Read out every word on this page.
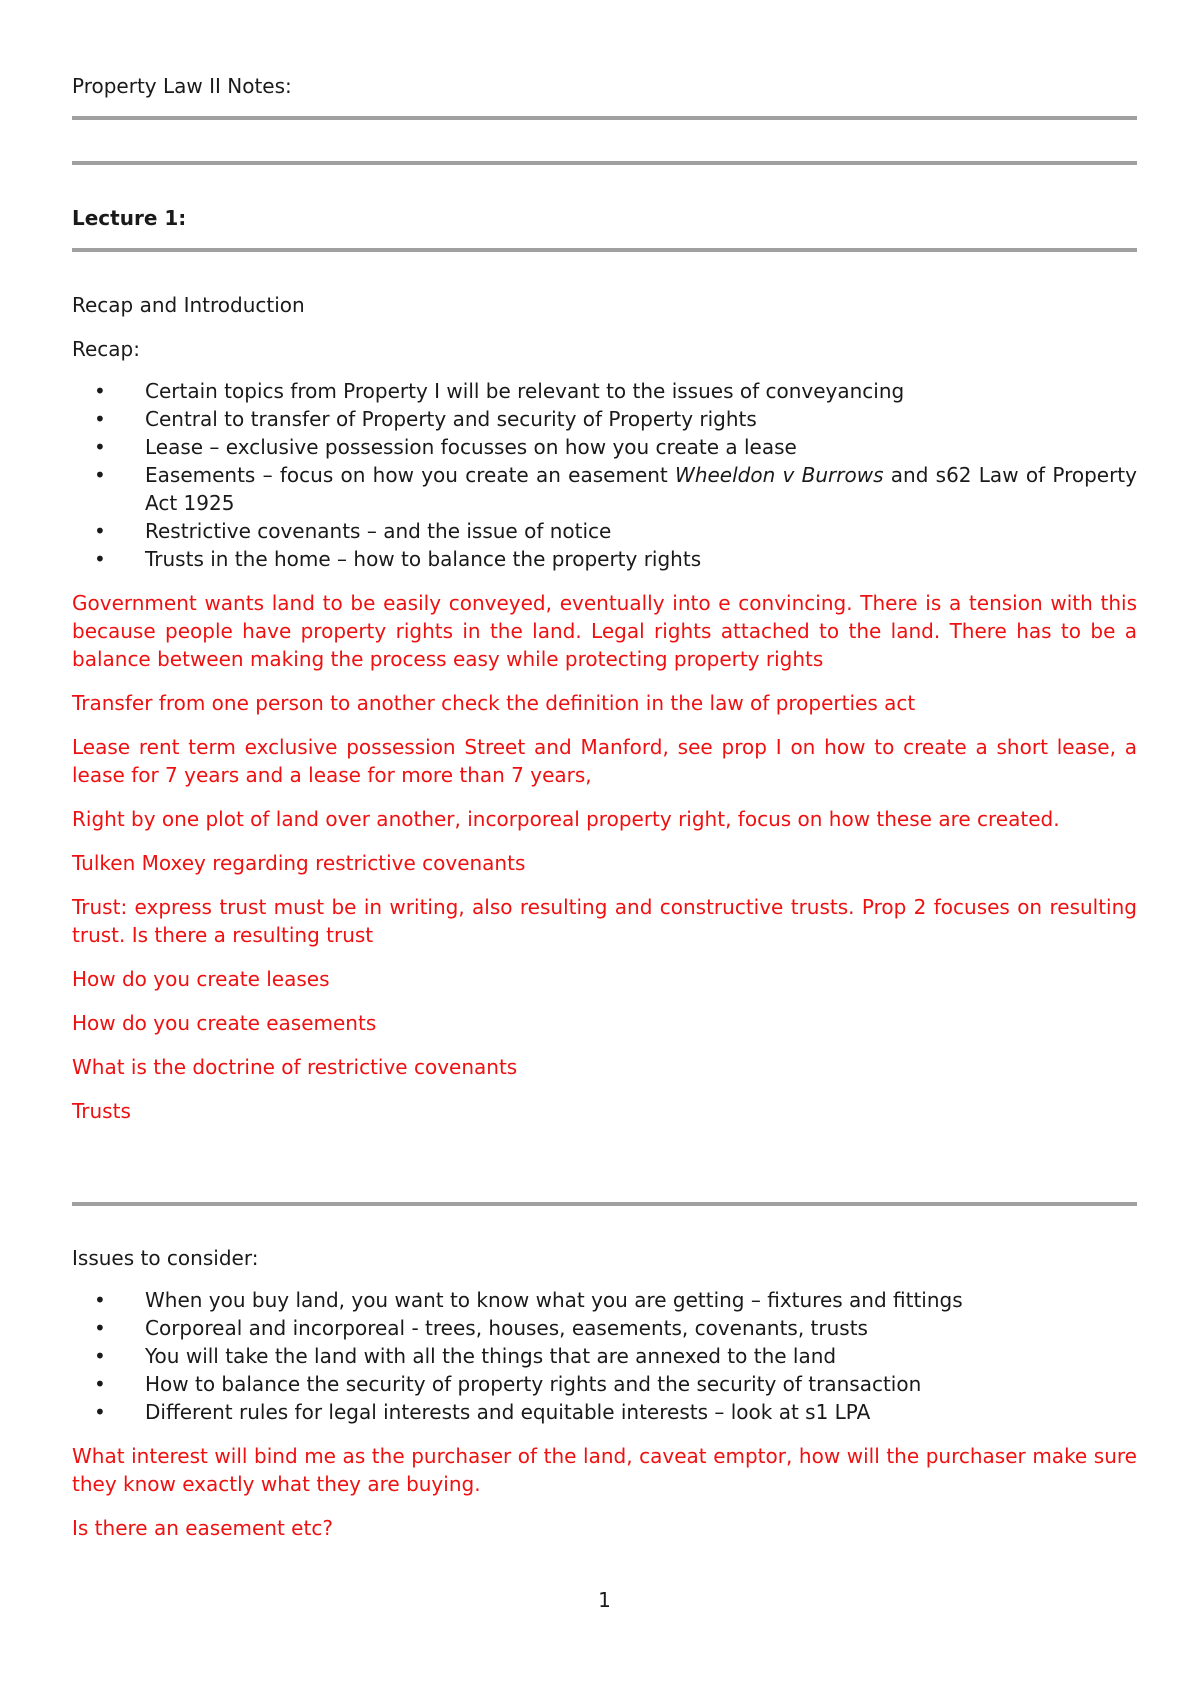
Property Law II Notes:
Lecture 1:

Recap and Introduction

Recap:

• Certain topics from Property I will be relevant to the issues of conveyancing
• Central to transfer of Property and security of Property rights
• Lease – exclusive possession focusses on how you create a lease
• Easements – focus on how you create an easement Wheeldon v Burrows and s62 Law of Property Act 1925
• Restrictive covenants – and the issue of notice
• Trusts in the home – how to balance the property rights

Government wants land to be easily conveyed, eventually into e convincing. There is a tension with this because people have property rights in the land. Legal rights attached to the land. There has to be a balance between making the process easy while protecting property rights

Transfer from one person to another check the definition in the law of properties act

Lease rent term exclusive possession Street and Manford, see prop I on how to create a short lease, a lease for 7 years and a lease for more than 7 years,

Right by one plot of land over another, incorporeal property right, focus on how these are created.

Tulken Moxey regarding restrictive covenants

Trust: express trust must be in writing, also resulting and constructive trusts. Prop 2 focuses on resulting trust. Is there a resulting trust

How do you create leases

How do you create easements

What is the doctrine of restrictive covenants

Trusts

Issues to consider:

• When you buy land, you want to know what you are getting – fixtures and fittings
• Corporeal and incorporeal - trees, houses, easements, covenants, trusts
• You will take the land with all the things that are annexed to the land
• How to balance the security of property rights and the security of transaction
• Different rules for legal interests and equitable interests – look at s1 LPA

What interest will bind me as the purchaser of the land, caveat emptor, how will the purchaser make sure they know exactly what they are buying.

Is there an easement etc?

1
